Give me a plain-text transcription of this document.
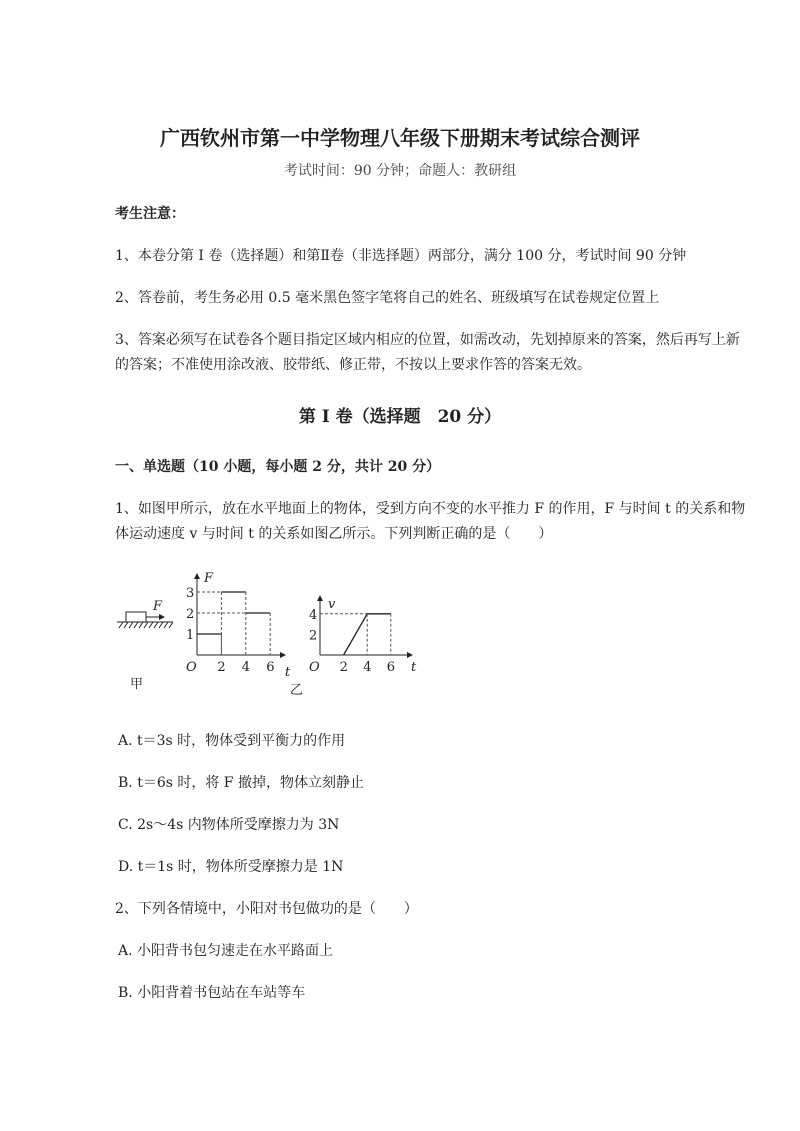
广西钦州市第一中学物理八年级下册期末考试综合测评
考试时间：90 分钟；命题人：教研组
考生注意：
1、本卷分第 I 卷（选择题）和第Ⅱ卷（非选择题）两部分，满分 100 分，考试时间 90 分钟
2、答卷前，考生务必用 0.5 毫米黑色签字笔将自己的姓名、班级填写在试卷规定位置上
3、答案必须写在试卷各个题目指定区域内相应的位置，如需改动，先划掉原来的答案，然后再写上新
的答案；不准使用涂改液、胶带纸、修正带，不按以上要求作答的答案无效。
第 I 卷（选择题　20 分）
一、单选题（10 小题，每小题 2 分，共计 20 分）
1、如图甲所示，放在水平地面上的物体，受到方向不变的水平推力 F 的作用，F 与时间 t 的关系和物
体运动速度 v 与时间 t 的关系如图乙所示。下列判断正确的是（　　）
F
甲
2 4 6
1
2
3
F
O	t	2 4 6
2
4
v
O	t
乙
A. t＝3s 时，物体受到平衡力的作用
B. t＝6s 时，将 F 撤掉，物体立刻静止
C. 2s～4s 内物体所受摩擦力为 3N
D. t＝1s 时，物体所受摩擦力是 1N
2、下列各情境中，小阳对书包做功的是（　　）
A. 小阳背书包匀速走在水平路面上
B. 小阳背着书包站在车站等车
